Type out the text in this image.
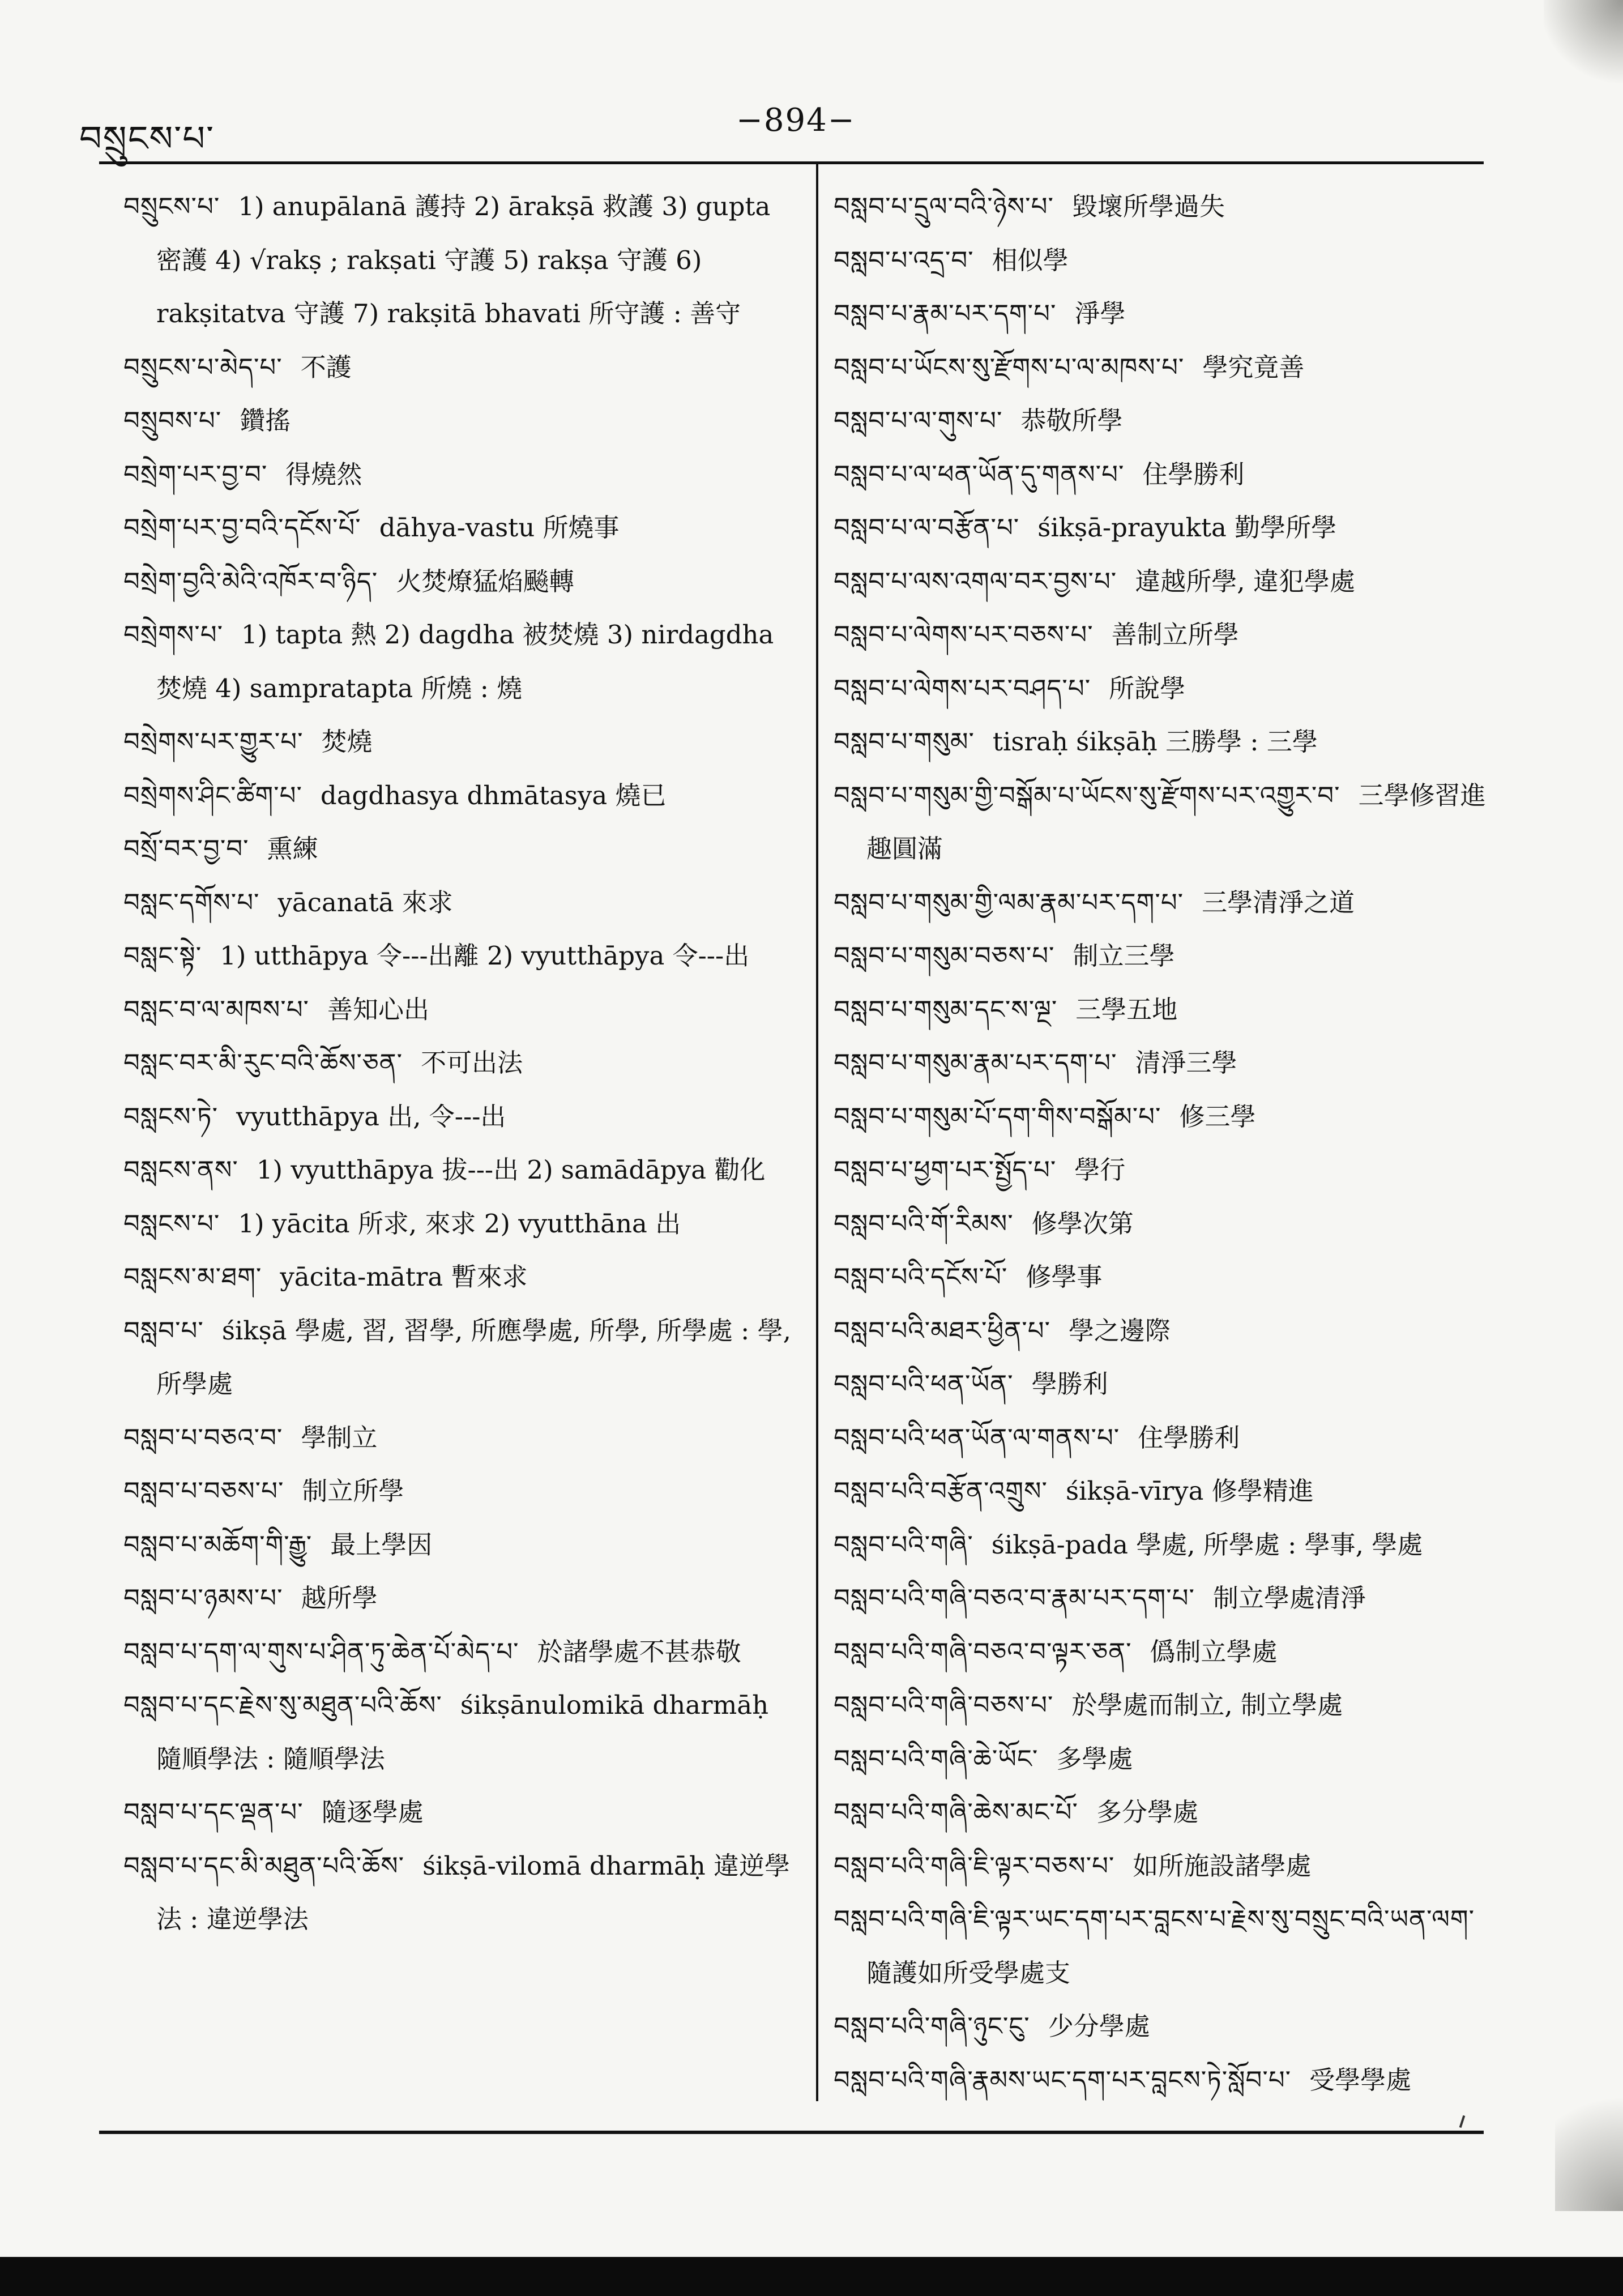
བསྲུངས་པ་	−894−
བསྲུངས་པ་ 1) anupālanā 護持 2) ārakṣā 救護 3) gupta 密護 4) √rakṣ ; rakṣati 守護 5) rakṣa 守護 6) rakṣitatva 守護 7) rakṣitā bhavati 所守護 : 善守
བསྲུངས་པ་མེད་པ་ 不護
བསྲུབས་པ་ 鑽搖
བསྲེག་པར་བྱ་བ་ 得燒然
བསྲེག་པར་བྱ་བའི་དངོས་པོ་ dāhya-vastu 所燒事
བསྲེག་བྱའི་མེའི་འཁོར་བ་ཉིད་ 火焚燎猛焰飈轉
བསྲེགས་པ་ 1) tapta 熱 2) dagdha 被焚燒 3) nirdagdha 焚燒 4) sampratapta 所燒 : 燒
བསྲེགས་པར་གྱུར་པ་ 焚燒
བསྲེགས་ཤིང་ཚིག་པ་ dagdhasya dhmātasya 燒已
བསྲོ་བར་བྱ་བ་ 熏練
བསླང་དགོས་པ་ yācanatā 來求
བསླང་སྟེ་ 1) utthāpya 令---出離 2) vyutthāpya 令---出
བསླང་བ་ལ་མཁས་པ་ 善知心出
བསླང་བར་མི་རུང་བའི་ཆོས་ཅན་ 不可出法
བསླངས་ཏེ་ vyutthāpya 出, 令---出
བསླངས་ནས་ 1) vyutthāpya 拔---出 2) samādāpya 勸化
བསླངས་པ་ 1) yācita 所求, 來求 2) vyutthāna 出
བསླངས་མ་ཐག་ yācita-mātra 暫來求
བསླབ་པ་ śikṣā 學處, 習, 習學, 所應學處, 所學, 所學處 : 學, 所學處
བསླབ་པ་བཅའ་བ་ 學制立
བསླབ་པ་བཅས་པ་ 制立所學
བསླབ་པ་མཆོག་གི་རྒྱུ་ 最上學因
བསླབ་པ་ཉམས་པ་ 越所學
བསླབ་པ་དག་ལ་གུས་པ་ཤིན་ཏུ་ཆེན་པོ་མེད་པ་ 於諸學處不甚恭敬
བསླབ་པ་དང་རྗེས་སུ་མཐུན་པའི་ཆོས་ śikṣānulomikā dharmāḥ 隨順學法 : 隨順學法
བསླབ་པ་དང་ལྡན་པ་ 隨逐學處
བསླབ་པ་དང་མི་མཐུན་པའི་ཆོས་ śikṣā-vilomā dharmāḥ 違逆學法 : 違逆學法
བསླབ་པ་དྲུལ་བའི་ཉེས་པ་ 毀壞所學過失
བསླབ་པ་འདྲ་བ་ 相似學
བསླབ་པ་རྣམ་པར་དག་པ་ 淨學
བསླབ་པ་ཡོངས་སུ་རྫོགས་པ་ལ་མཁས་པ་ 學究竟善
བསླབ་པ་ལ་གུས་པ་ 恭敬所學
བསླབ་པ་ལ་ཕན་ཡོན་དུ་གནས་པ་ 住學勝利
བསླབ་པ་ལ་བརྩོན་པ་ śikṣā-prayukta 勤學所學
བསླབ་པ་ལས་འགལ་བར་བྱས་པ་ 違越所學, 違犯學處
བསླབ་པ་ལེགས་པར་བཅས་པ་ 善制立所學
བསླབ་པ་ལེགས་པར་བཤད་པ་ 所說學
བསླབ་པ་གསུམ་ tisraḥ śikṣāḥ 三勝學 : 三學
བསླབ་པ་གསུམ་གྱི་བསྒོམ་པ་ཡོངས་སུ་རྫོགས་པར་འགྱུར་བ་ 三學修習進趣圓滿
བསླབ་པ་གསུམ་གྱི་ལམ་རྣམ་པར་དག་པ་ 三學清淨之道
བསླབ་པ་གསུམ་བཅས་པ་ 制立三學
བསླབ་པ་གསུམ་དང་ས་ལྔ་ 三學五地
བསླབ་པ་གསུམ་རྣམ་པར་དག་པ་ 清淨三學
བསླབ་པ་གསུམ་པོ་དག་གིས་བསྒོམ་པ་ 修三學
བསླབ་པ་ཕྱག་པར་སྤྱོད་པ་ 學行
བསླབ་པའི་གོ་རིམས་ 修學次第
བསླབ་པའི་དངོས་པོ་ 修學事
བསླབ་པའི་མཐར་ཕྱིན་པ་ 學之邊際
བསླབ་པའི་ཕན་ཡོན་ 學勝利
བསླབ་པའི་ཕན་ཡོན་ལ་གནས་པ་ 住學勝利
བསླབ་པའི་བརྩོན་འགྲུས་ śikṣā-vīrya 修學精進
བསླབ་པའི་གཞི་ śikṣā-pada 學處, 所學處 : 學事, 學處
བསླབ་པའི་གཞི་བཅའ་བ་རྣམ་པར་དག་པ་ 制立學處清淨
བསླབ་པའི་གཞི་བཅའ་བ་ལྟར་ཅན་ 僞制立學處
བསླབ་པའི་གཞི་བཅས་པ་ 於學處而制立, 制立學處
བསླབ་པའི་གཞི་ཆེ་ཡོང་ 多學處
བསླབ་པའི་གཞི་ཆེས་མང་པོ་ 多分學處
བསླབ་པའི་གཞི་ཇི་ལྟར་བཅས་པ་ 如所施設諸學處
བསླབ་པའི་གཞི་ཇི་ལྟར་ཡང་དག་པར་བླངས་པ་རྗེས་སུ་བསྲུང་བའི་ཡན་ལག་隨護如所受學處支
བསླབ་པའི་གཞི་ཉུང་ངུ་ 少分學處
བསླབ་པའི་གཞི་རྣམས་ཡང་དག་པར་བླངས་ཏེ་སློབ་པ་ 受學學處
